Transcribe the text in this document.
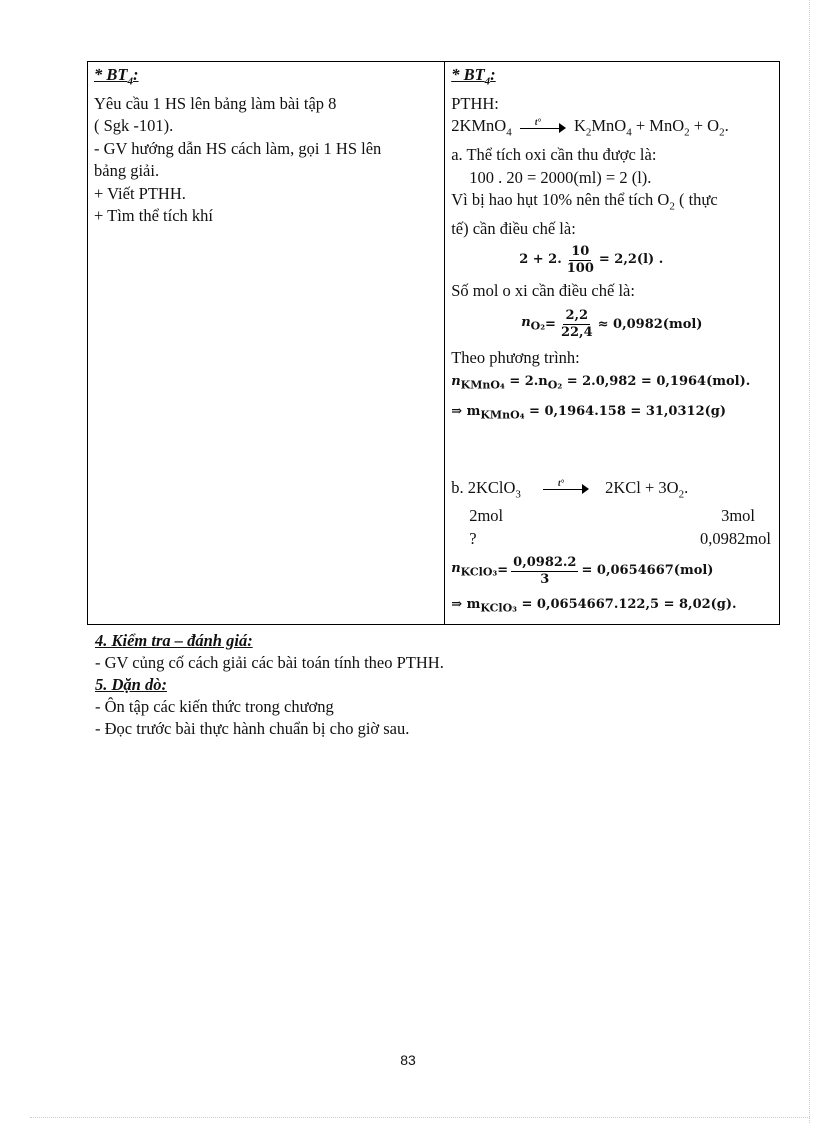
* $BT_4$:
Yêu cầu 1 HS lên bảng làm bài tập 8
( Sgk -101).
- GV hướng dẫn HS cách làm, gọi 1 HS lên
bảng giải.
+ Viết PTHH.
+ Tìm thể tích khí

* $BT_4$:
PTHH:
2KMnO$_4$
t° $K_2MnO_4 + MnO_2 + O_2$.
a. Thể tích oxi cần thu được là:
100 . 20 = 2000(ml) = 2 (l).
Vì bị hao hụt 10% nên thể tích $O_2$ ( thực
tế) cần điều chế là:
2 + 2. $\frac{10}{100} = 2,2(l)$ .
Số mol o xi cần điều chế là:
$n_{O_2} = \frac{2,2}{22,4} \approx 0,0982(mol)$
Theo phương trình:
$n_{KMnO_4} = 2.n_{O_2} = 2.0,982 = 0,1964(mol)$.
⇒ $m_{KMnO_4} = 0,1964.158 = 31,0312(g)$
b. 2KClO$_3$
t° $2KCl + 3O_2$.
2mol	3mol
?	0,0982mol
$n_{KClO_3} = \frac{0,0982.2}{3} = 0,0654667(mol)$
⇒ $m_{KClO_3} = 0,0654667.122,5 = 8,02(g)$.
4. Kiểm tra – đánh giá:
- GV củng cố cách giải các bài toán tính theo PTHH.
5. Dặn dò:
- Ôn tập các kiến thức trong chương
- Đọc trước bài thực hành chuẩn bị cho giờ sau.
83
